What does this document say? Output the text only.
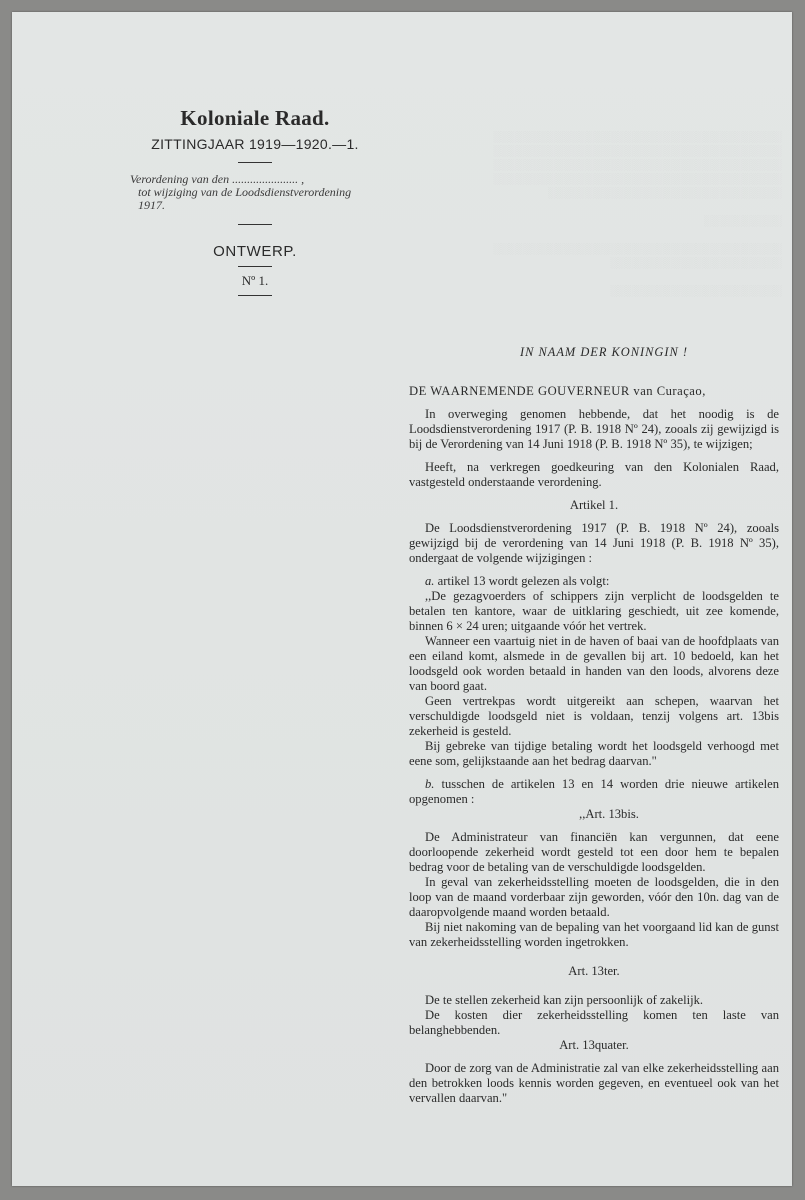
░░░░░░░░░░░░░░░░░░░░░░░░░░░░░░░░░░░░░
░░░░░░░░░░░░░░░░░░░░░░░░░░░░░░░░░░░░░
░░░░░░░░░░░░░░░░░░░░░░░░░░░░░░░░░░░░░
░░░░░░░░░░░░░░░░░░░░░░░░░░░░░░░░░░░░░
░░░░░░░░░░░░░░░░░░░░░░░░░░░░░░

░░░░░░░░░░

░░░░░░░░░░░░░░░░░░░░░░░░░░░░░░░░░░░░░
░░░░░░░░░░░░░░░░░░░░░░

░░░░░░░░░░░░░░░░░░░░░░
Koloniale Raad.
ZITTINGJAAR 1919—1920.—1.
Verordening van den ...................... ,
tot wijziging van de Loodsdienstverordening
1917.
ONTWERP.
Nº 1.
IN NAAM DER KONINGIN !

DE WAARNEMENDE GOUVERNEUR van Curaçao,

In overweging genomen hebbende, dat het noodig is de Loodsdienstverordening 1917 (P. B. 1918 Nº 24), zooals zij gewijzigd is bij de Verordening van 14 Juni 1918 (P. B. 1918 Nº 35), te wijzigen;

Heeft, na verkregen goedkeuring van den Kolonialen Raad, vastgesteld onderstaande verordening.

Artikel 1.

De Loodsdienstverordening 1917 (P. B. 1918 Nº 24), zooals gewijzigd bij de verordening van 14 Juni 1918 (P. B. 1918 Nº 35), ondergaat de volgende wijzigingen :

a. artikel 13 wordt gelezen als volgt:

,,De gezagvoerders of schippers zijn verplicht de loodsgelden te betalen ten kantore, waar de uitklaring geschiedt, uit zee komende, binnen 6 × 24 uren; uitgaande vóór het vertrek.

Wanneer een vaartuig niet in de haven of baai van de hoofdplaats van een eiland komt, alsmede in de gevallen bij art. 10 bedoeld, kan het loodsgeld ook worden betaald in handen van den loods, alvorens deze van boord gaat.

Geen vertrekpas wordt uitgereikt aan schepen, waarvan het verschuldigde loodsgeld niet is voldaan, tenzij volgens art. 13bis zekerheid is gesteld.

Bij gebreke van tijdige betaling wordt het loodsgeld verhoogd met eene som, gelijkstaande aan het bedrag daarvan."

b. tusschen de artikelen 13 en 14 worden drie nieuwe artikelen opgenomen :

,,Art. 13bis.

De Administrateur van financiën kan vergunnen, dat eene doorloopende zekerheid wordt gesteld tot een door hem te bepalen bedrag voor de betaling van de verschuldigde loodsgelden.

In geval van zekerheidsstelling moeten de loodsgelden, die in den loop van de maand vorderbaar zijn geworden, vóór den 10n. dag van de daaropvolgende maand worden betaald.

Bij niet nakoming van de bepaling van het voorgaand lid kan de gunst van zekerheidsstelling worden ingetrokken.

Art. 13ter.

De te stellen zekerheid kan zijn persoonlijk of zakelijk.

De kosten dier zekerheidsstelling komen ten laste van belanghebbenden.

Art. 13quater.

Door de zorg van de Administratie zal van elke zekerheidsstelling aan den betrokken loods kennis worden gegeven, en eventueel ook van het vervallen daarvan."
